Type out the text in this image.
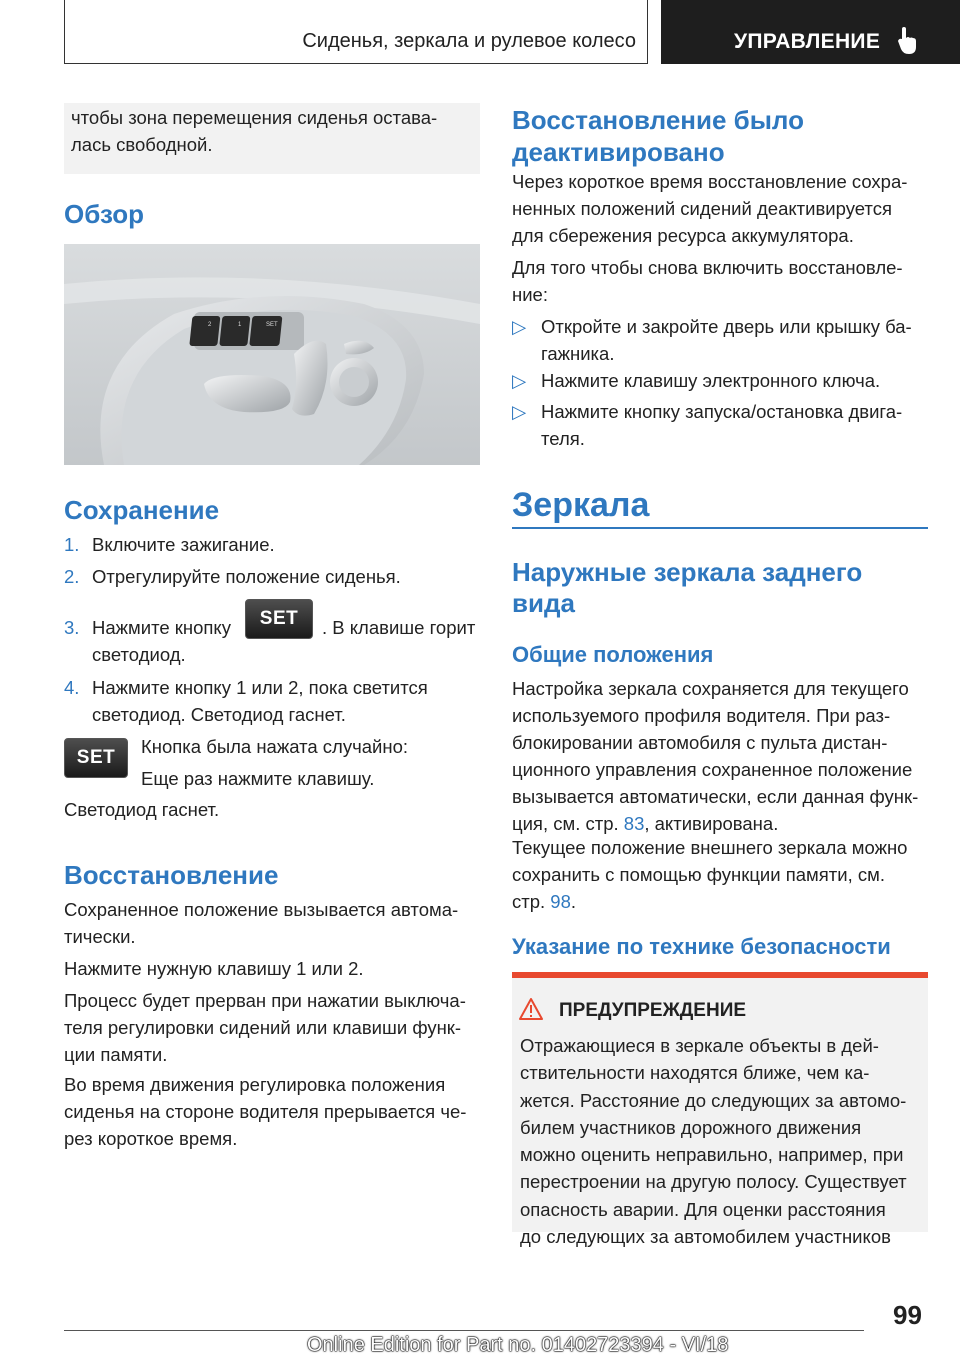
Сиденья, зеркала и рулевое колесо	УПРАВЛЕНИЕ
чтобы зона перемещения сиденья остава-
лась свободной.
Обзор
2	1	SET
Сохранение
1. Включите зажигание.
2. Отрегулируйте положение сиденья.
3. Нажмите кнопку	SET	. В клавише горит
светодиод.
4. Нажмите кнопку 1 или 2, пока светится
светодиод. Светодиод гаснет.
SET
Кнопка была нажата случайно:
Еще раз нажмите клавишу.
Светодиод гаснет.
Восстановление
Сохраненное положение вызывается автома-
тически.
Нажмите нужную клавишу 1 или 2.
Процесс будет прерван при нажатии выключа-
теля регулировки сидений или клавиши функ-
ции памяти.
Во время движения регулировка положения
сиденья на стороне водителя прерывается че-
рез короткое время.
Восстановление было
деактивировано
Через короткое время восстановление сохра-
ненных положений сидений деактивируется
для сбережения ресурса аккумулятора.
Для того чтобы снова включить восстановле-
ние:
▷ Откройте и закройте дверь или крышку ба-
гажника.
▷ Нажмите клавишу электронного ключа.
▷ Нажмите кнопку запуска/остановка двига-
теля.
Зеркала
Наружные зеркала заднего
вида
Общие положения
Настройка зеркала сохраняется для текущего
используемого профиля водителя. При раз-
блокировании автомобиля с пульта дистан-
ционного управления сохраненное положение
вызывается автоматически, если данная функ-
ция, см. стр. 83, активирована.
Текущее положение внешнего зеркала можно
сохранить с помощью функции памяти, см.
стр. 98.
Указание по технике безопасности
ПРЕДУПРЕЖДЕНИЕ
Отражающиеся в зеркале объекты в дей-
ствительности находятся ближе, чем ка-
жется. Расстояние до следующих за автомо-
билем участников дорожного движения
можно оценить неправильно, например, при
перестроении на другую полосу. Существует
опасность аварии. Для оценки расстояния
до следующих за автомобилем участников
99
Online Edition for Part no. 01402723394 - VI/18
